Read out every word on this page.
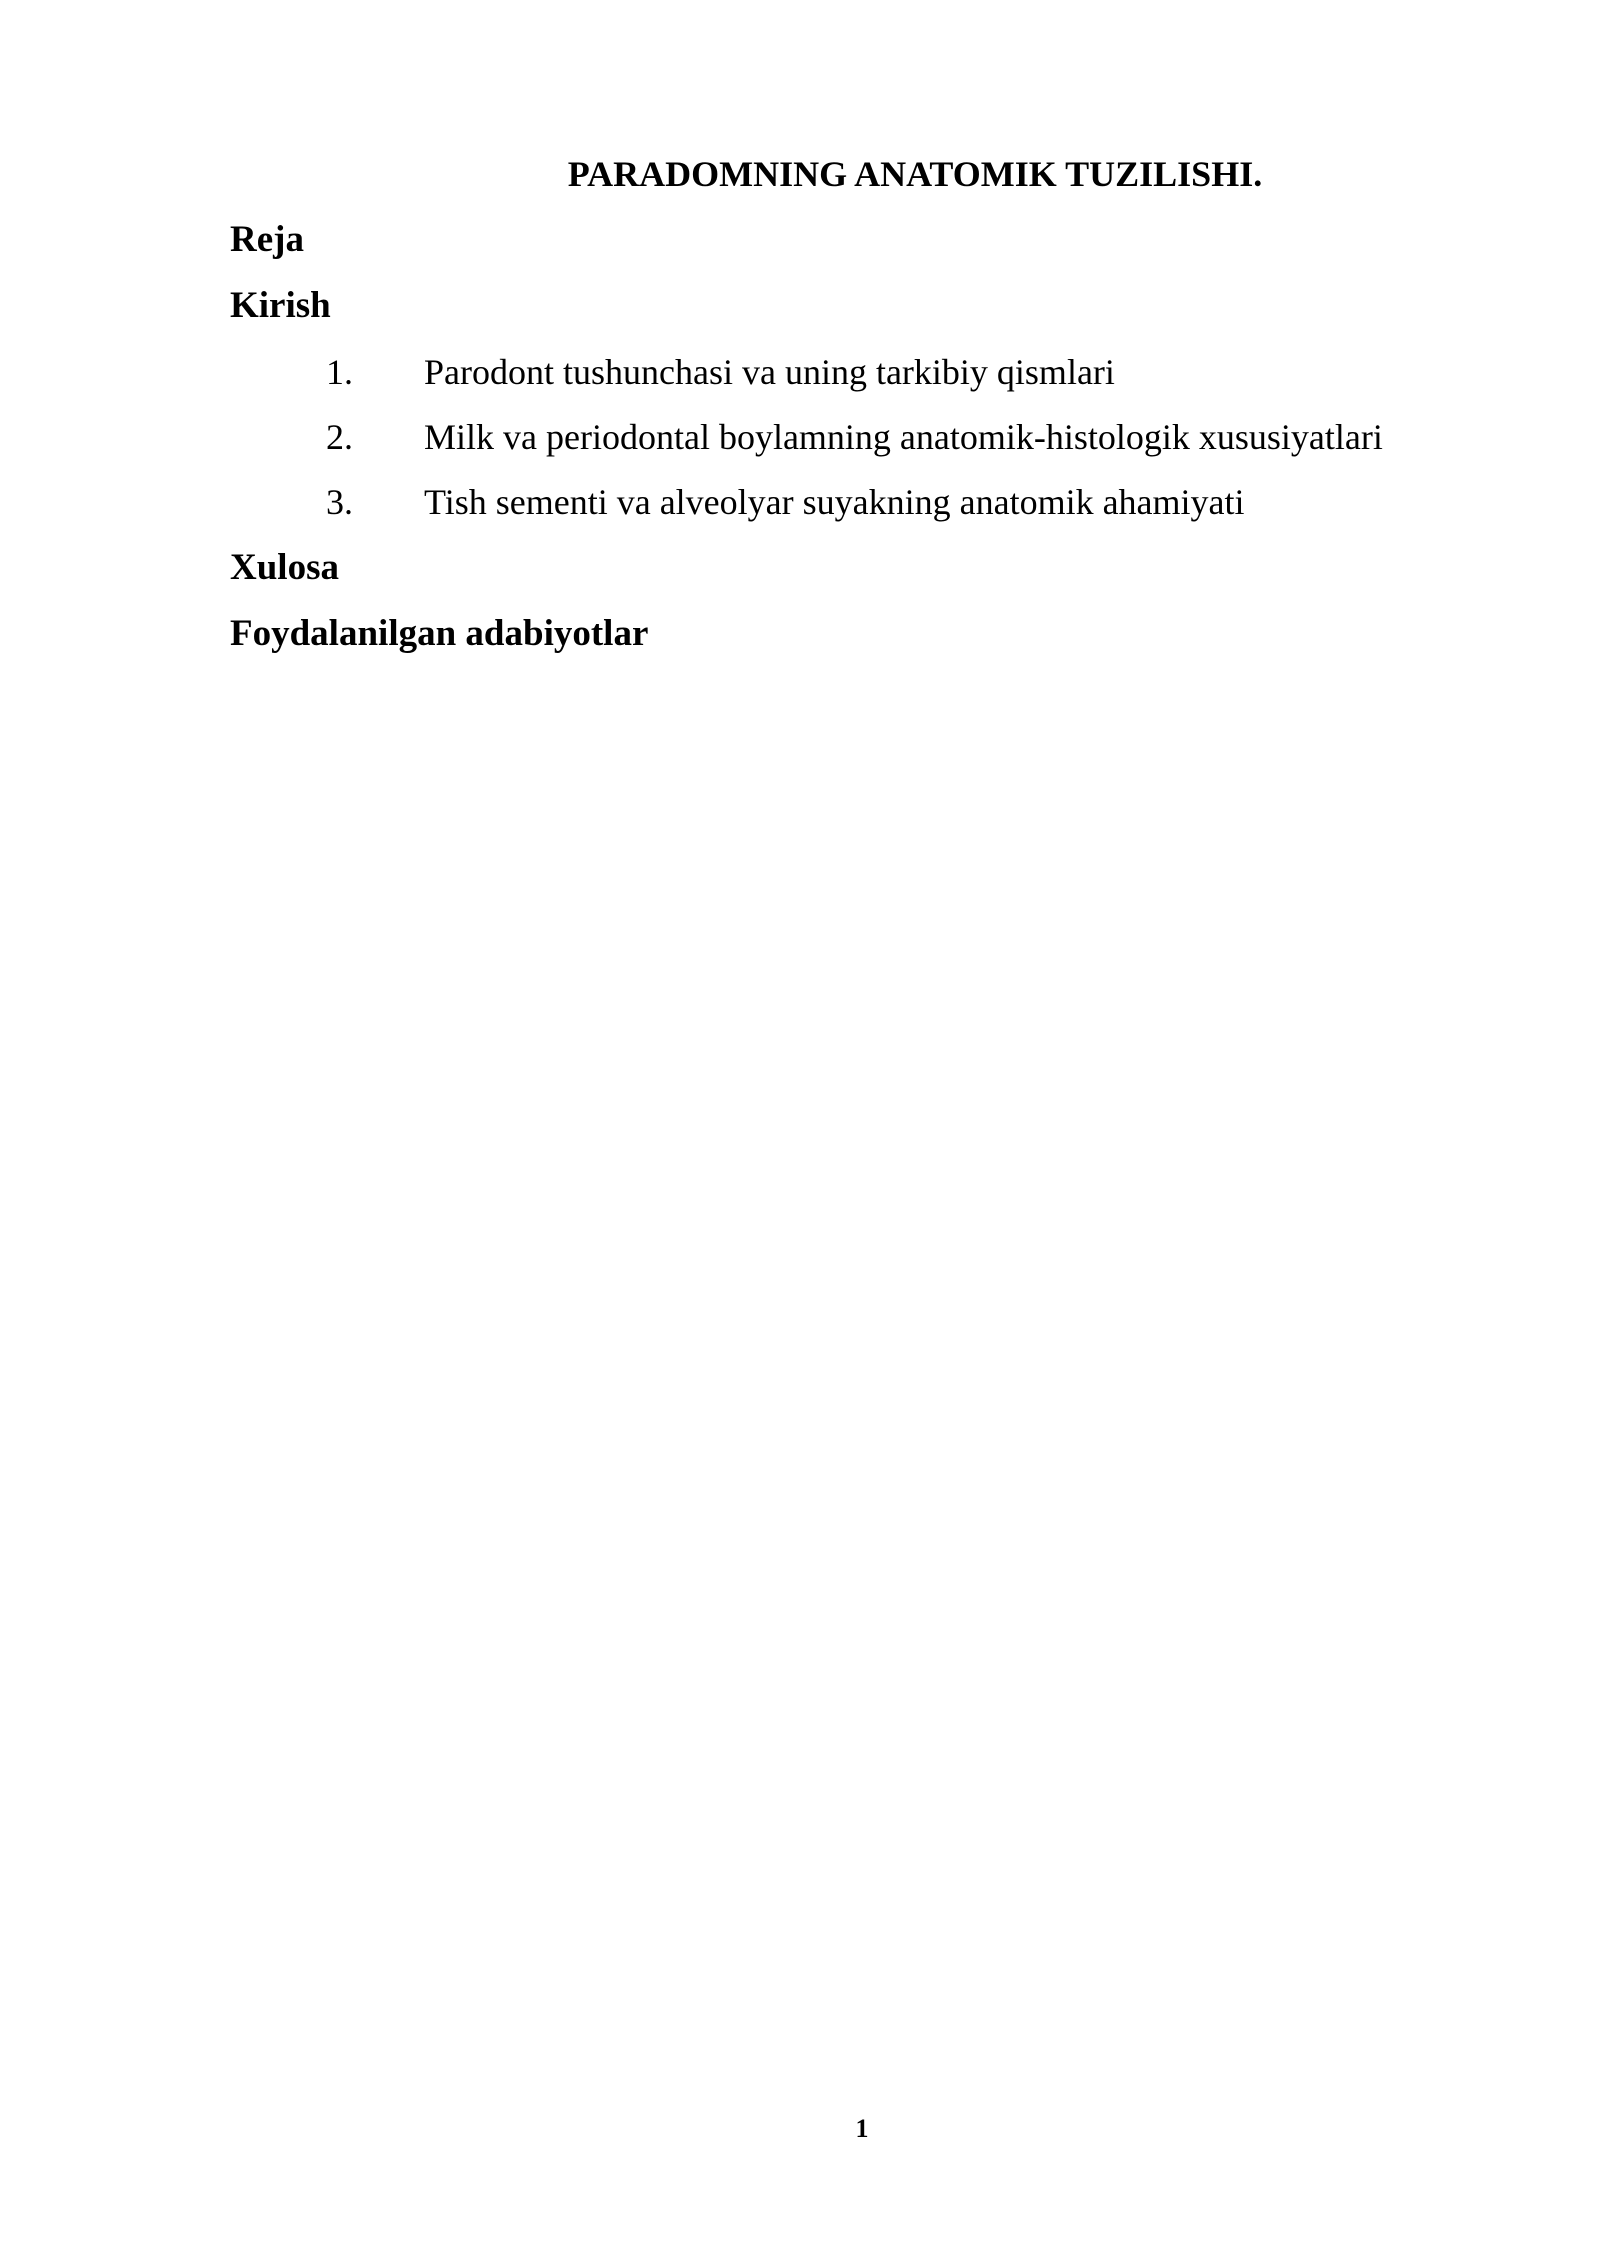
PARADOMNING ANATOMIK TUZILISHI.
Reja
Kirish
1. Parodont tushunchasi va uning tarkibiy qismlari
2. Milk va periodontal boylamning anatomik-histologik xususiyatlari
3. Tish sementi va alveolyar suyakning anatomik ahamiyati
Xulosa
Foydalanilgan adabiyotlar
1
